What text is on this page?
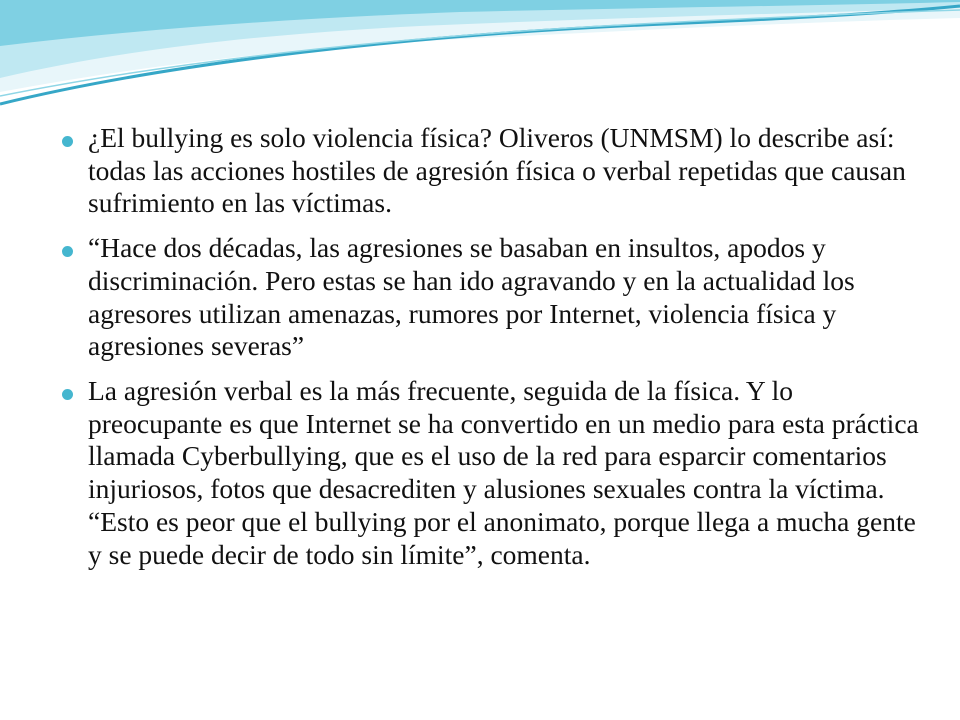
¿El bullying es solo violencia física? Oliveros (UNMSM) lo describe así: todas las acciones hostiles de agresión física o verbal repetidas que causan sufrimiento en las víctimas.
“Hace dos décadas, las agresiones se basaban en insultos, apodos y discriminación. Pero estas se han ido agravando y en la actualidad los agresores utilizan amenazas, rumores por Internet, violencia física y agresiones severas”
La agresión verbal es la más frecuente, seguida de la física. Y lo preocupante es que Internet se ha convertido en un medio para esta práctica llamada Cyberbullying, que es el uso de la red para esparcir comentarios injuriosos, fotos que desacrediten y alusiones sexuales contra la víctima. “Esto es peor que el bullying por el anonimato, porque llega a mucha gente y se puede decir de todo sin límite”, comenta.
